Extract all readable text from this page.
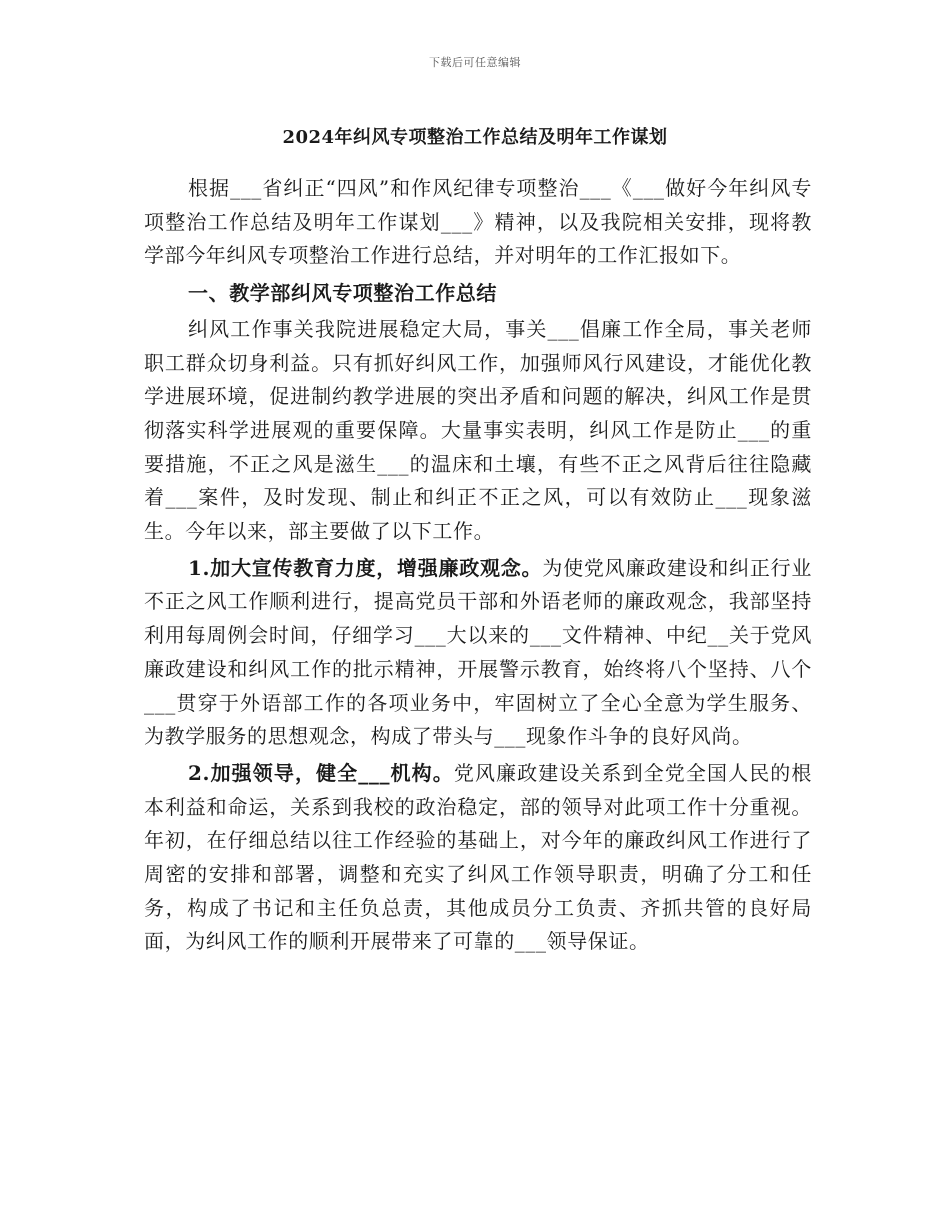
下载后可任意编辑
2024年纠风专项整治工作总结及明年工作谋划

根据___省纠正“四风”和作风纪律专项整治___《___做好今年纠风专项整治工作总结及明年工作谋划___》精神，以及我院相关安排，现将教学部今年纠风专项整治工作进行总结，并对明年的工作汇报如下。

一、教学部纠风专项整治工作总结

纠风工作事关我院进展稳定大局，事关___倡廉工作全局，事关老师职工群众切身利益。只有抓好纠风工作，加强师风行风建设，才能优化教学进展环境，促进制约教学进展的突出矛盾和问题的解决，纠风工作是贯彻落实科学进展观的重要保障。大量事实表明，纠风工作是防止___的重要措施，不正之风是滋生___的温床和土壤，有些不正之风背后往往隐藏着___案件，及时发现、制止和纠正不正之风，可以有效防止___现象滋生。今年以来，部主要做了以下工作。

1.加大宣传教育力度，增强廉政观念。为使党风廉政建设和纠正行业不正之风工作顺利进行，提高党员干部和外语老师的廉政观念，我部坚持利用每周例会时间，仔细学习___大以来的___文件精神、中纪__关于党风廉政建设和纠风工作的批示精神，开展警示教育，始终将八个坚持、八个___贯穿于外语部工作的各项业务中，牢固树立了全心全意为学生服务、为教学服务的思想观念，构成了带头与___现象作斗争的良好风尚。

2.加强领导，健全___机构。党风廉政建设关系到全党全国人民的根本利益和命运，关系到我校的政治稳定，部的领导对此项工作十分重视。年初，在仔细总结以往工作经验的基础上，对今年的廉政纠风工作进行了周密的安排和部署，调整和充实了纠风工作领导职责，明确了分工和任务，构成了书记和主任负总责，其他成员分工负责、齐抓共管的良好局面，为纠风工作的顺利开展带来了可靠的___领导保证。
